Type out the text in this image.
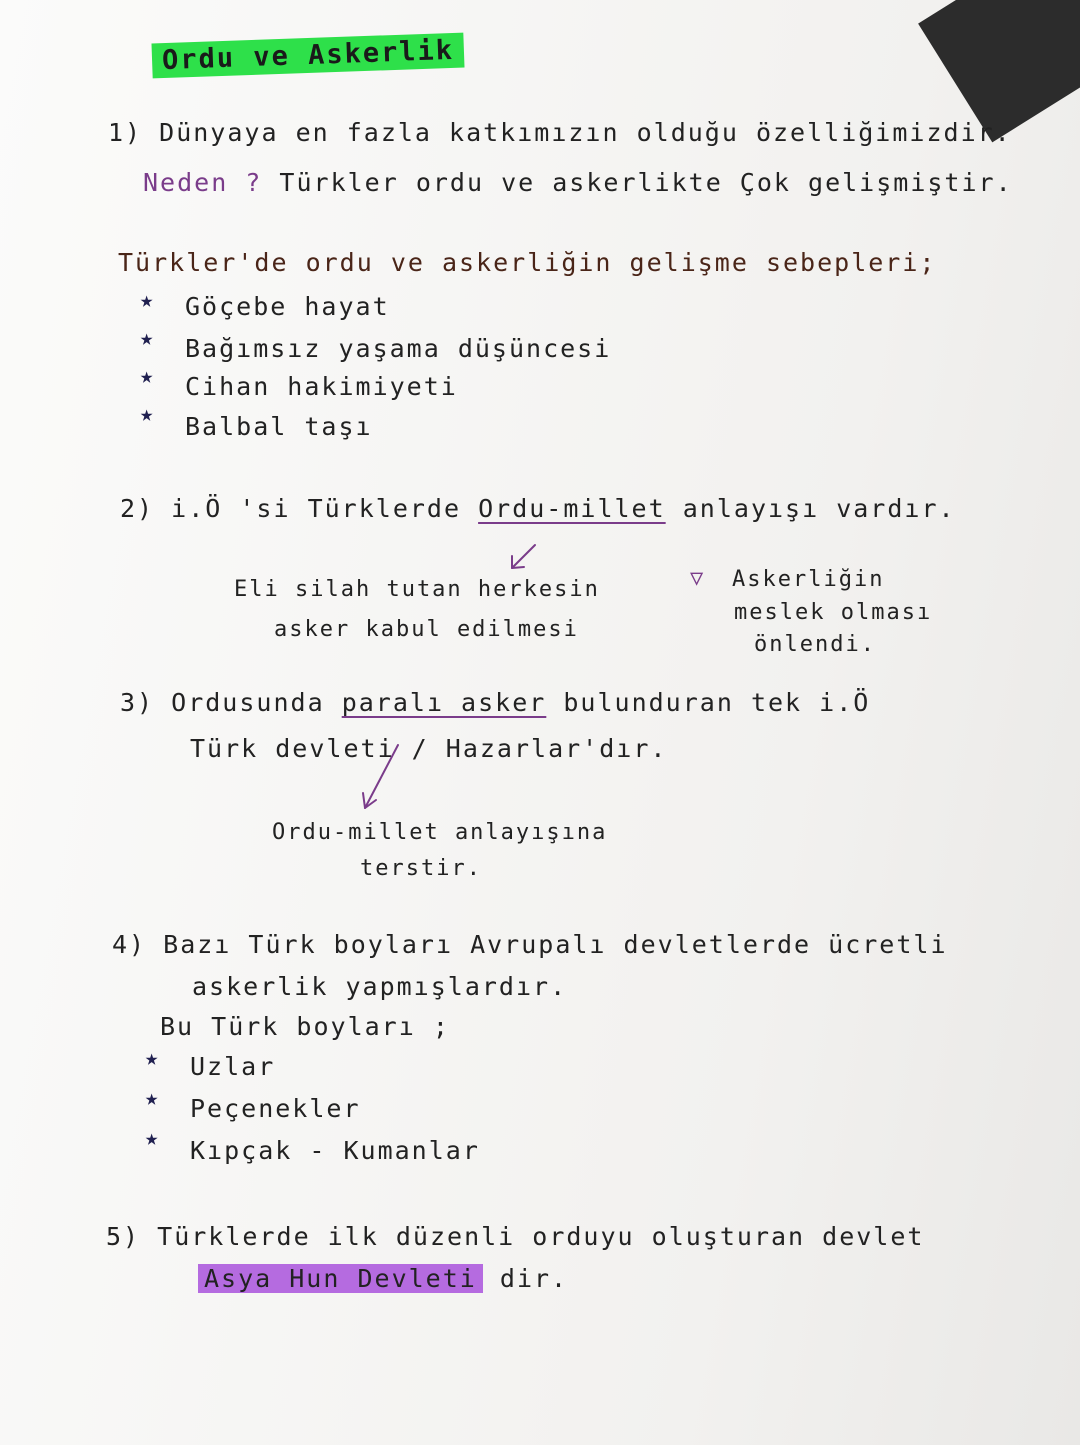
Ordu ve Askerlik
1) Dünyaya en fazla katkımızın olduğu özelliğimizdir.
Neden ? Türkler ordu ve askerlikte Çok gelişmiştir.
Türkler'de ordu ve askerliğin gelişme sebepleri;
★ Göçebe hayat
★ Bağımsız yaşama düşüncesi
★ Cihan hakimiyeti
★ Balbal taşı
2) i.Ö 'si Türklerde Ordu-millet anlayışı vardır.
Eli silah tutan herkesin
asker kabul edilmesi
▽ Askerliğin
meslek olması
önlendi.
3) Ordusunda paralı asker bulunduran tek i.Ö
Türk devleti / Hazarlar'dır.
Ordu-millet anlayışına
terstir.
4) Bazı Türk boyları Avrupalı devletlerde ücretli
askerlik yapmışlardır.
Bu Türk boyları ;
★ Uzlar
★ Peçenekler
★ Kıpçak - Kumanlar
5) Türklerde ilk düzenli orduyu oluşturan devlet
Asya Hun Devleti dir.
